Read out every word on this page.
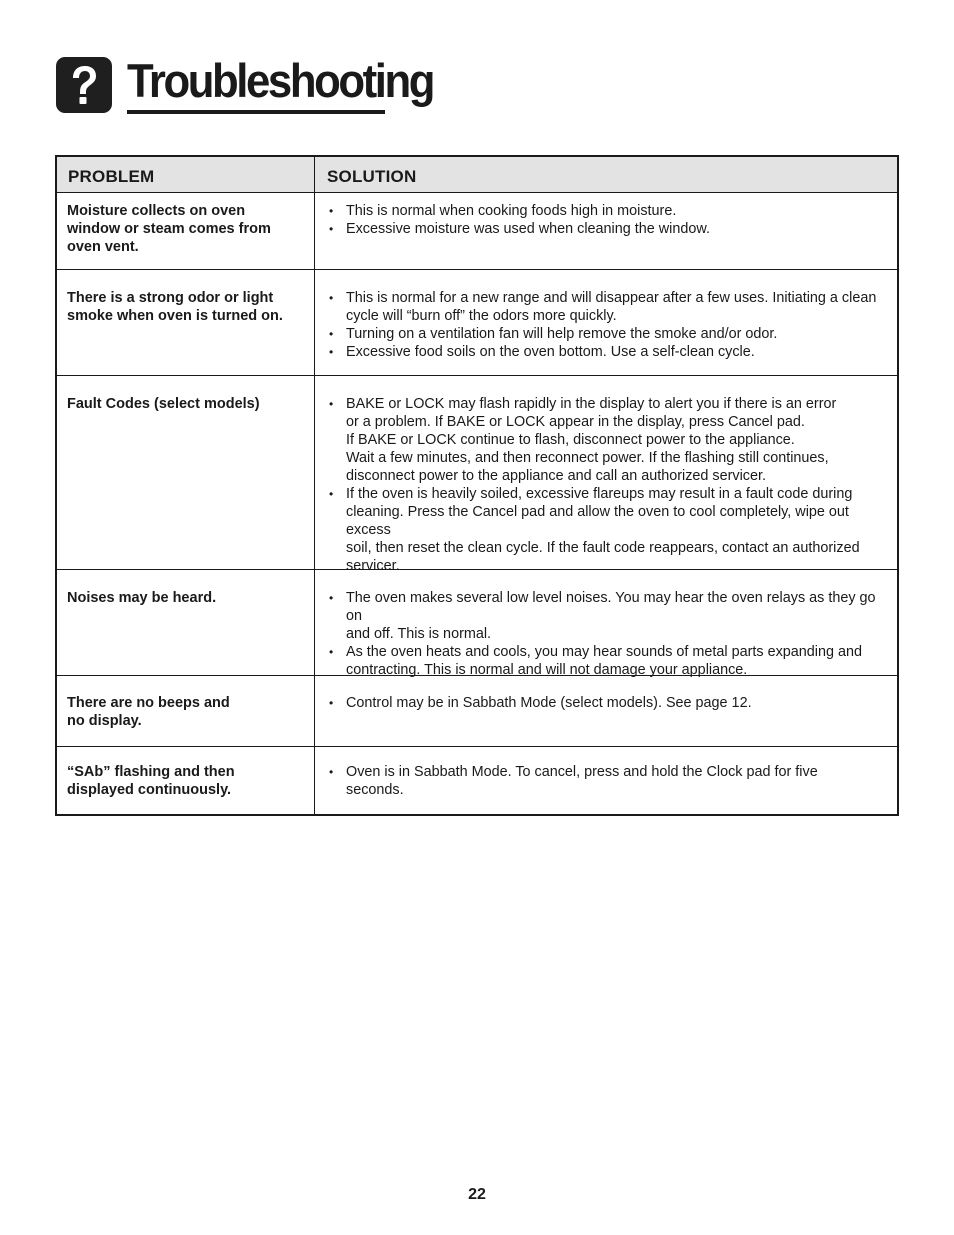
Troubleshooting
PROBLEM	SOLUTION
Moisture collects on oven
window or steam comes from
oven vent.
• This is normal when cooking foods high in moisture.
• Excessive moisture was used when cleaning the window.
There is a strong odor or light
smoke when oven is turned on.
• This is normal for a new range and will disappear after a few uses. Initiating a clean
cycle will “burn off” the odors more quickly.
• Turning on a ventilation fan will help remove the smoke and/or odor.
• Excessive food soils on the oven bottom. Use a self-clean cycle.
Fault Codes (select models)	• BAKE or LOCK may flash rapidly in the display to alert you if there is an error
or a problem. If BAKE or LOCK appear in the display, press Cancel pad.
If BAKE or LOCK continue to flash, disconnect power to the appliance.
Wait a few minutes, and then reconnect power. If the flashing still continues,
disconnect power to the appliance and call an authorized servicer.
• If the oven is heavily soiled, excessive flareups may result in a fault code during
cleaning. Press the Cancel pad and allow the oven to cool completely, wipe out excess
soil, then reset the clean cycle. If the fault code reappears, contact an authorized
servicer.
Noises may be heard.	• The oven makes several low level noises. You may hear the oven relays as they go on
and off. This is normal.
• As the oven heats and cools, you may hear sounds of metal parts expanding and
contracting. This is normal and will not damage your appliance.
There are no beeps and
no display.
• Control may be in Sabbath Mode (select models). See page 12.
“SAb” flashing and then
displayed continuously.
• Oven is in Sabbath Mode. To cancel, press and hold the Clock pad for five
seconds.
22
